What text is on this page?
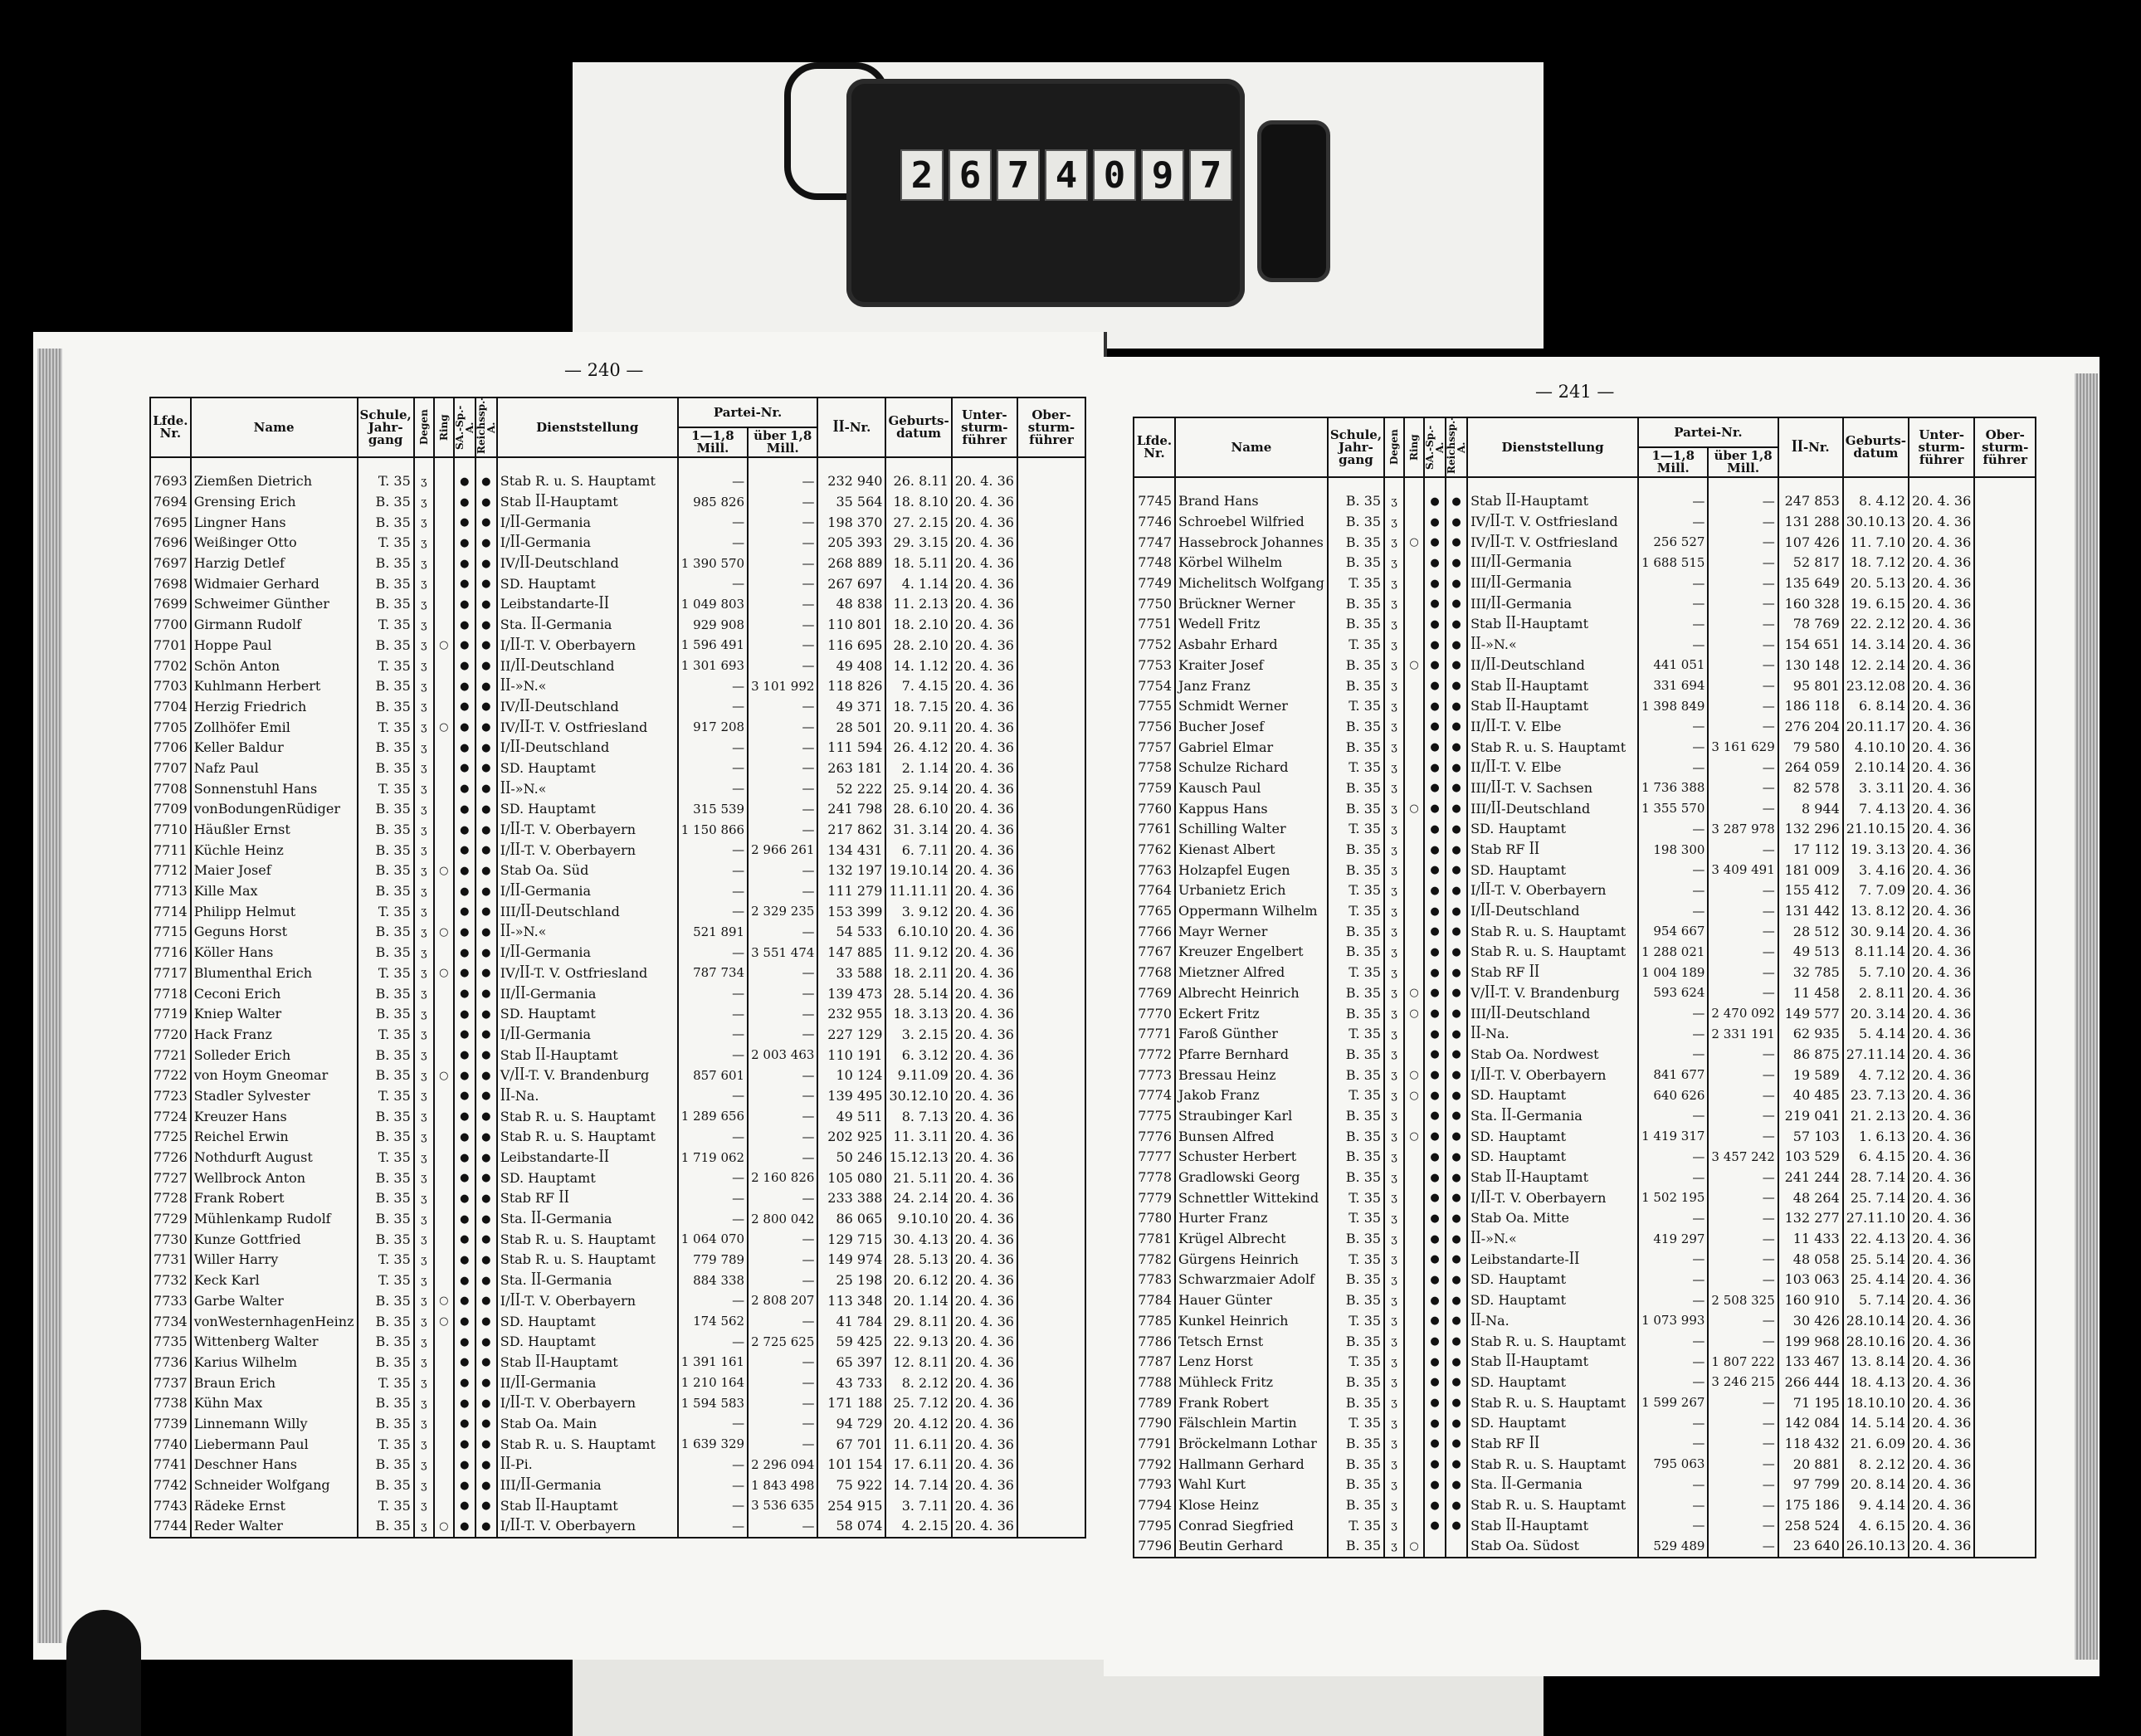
2 6 7 4 0 9 7
— 240 —
Lfde. Nr.	Name	Schule, Jahr- gang	Degen	Ring	SA.-Sp.-A.	Reichssp.-A.	Dienststellung	Partei-Nr.		ꟾꟾ-Nr.	Geburts- datum	Unter- sturm- führer	Ober- sturm- führer
								1—1,8 Mill.	über 1,8 Mill.				

7693	Ziemßen Dietrich	T. 35	ʒ		●	●	Stab R. u. S. Hauptamt	—	—	232 940	26. 8.11	20. 4. 36	
7694	Grensing Erich	B. 35	ʒ		●	●	Stab ꟾꟾ-Hauptamt	985 826	—	35 564	18. 8.10	20. 4. 36	
7695	Lingner Hans	B. 35	ʒ		●	●	I/ꟾꟾ-Germania	—	—	198 370	27. 2.15	20. 4. 36	
7696	Weißinger Otto	T. 35	ʒ		●	●	I/ꟾꟾ-Germania	—	—	205 393	29. 3.15	20. 4. 36	
7697	Harzig Detlef	B. 35	ʒ		●	●	IV/ꟾꟾ-Deutschland	1 390 570	—	268 889	18. 5.11	20. 4. 36	
7698	Widmaier Gerhard	B. 35	ʒ		●	●	SD. Hauptamt	—	—	267 697	4. 1.14	20. 4. 36	
7699	Schweimer Günther	B. 35	ʒ		●	●	Leibstandarte-ꟾꟾ	1 049 803	—	48 838	11. 2.13	20. 4. 36	
7700	Girmann Rudolf	T. 35	ʒ		●	●	Sta. ꟾꟾ-Germania	929 908	—	110 801	18. 2.10	20. 4. 36	
7701	Hoppe Paul	B. 35	ʒ	○	●	●	I/ꟾꟾ-T. V. Oberbayern	1 596 491	—	116 695	28. 2.10	20. 4. 36	
7702	Schön Anton	T. 35	ʒ		●	●	II/ꟾꟾ-Deutschland	1 301 693	—	49 408	14. 1.12	20. 4. 36	
7703	Kuhlmann Herbert	B. 35	ʒ		●	●	ꟾꟾ-»N.«	—	3 101 992	118 826	7. 4.15	20. 4. 36	
7704	Herzig Friedrich	B. 35	ʒ		●	●	IV/ꟾꟾ-Deutschland	—	—	49 371	18. 7.15	20. 4. 36	
7705	Zollhöfer Emil	T. 35	ʒ	○	●	●	IV/ꟾꟾ-T. V. Ostfriesland	917 208	—	28 501	20. 9.11	20. 4. 36	
7706	Keller Baldur	B. 35	ʒ		●	●	I/ꟾꟾ-Deutschland	—	—	111 594	26. 4.12	20. 4. 36	
7707	Nafz Paul	B. 35	ʒ		●	●	SD. Hauptamt	—	—	263 181	2. 1.14	20. 4. 36	
7708	Sonnenstuhl Hans	T. 35	ʒ		●	●	ꟾꟾ-»N.«	—	—	52 222	25. 9.14	20. 4. 36	
7709	vonBodungenRüdiger	B. 35	ʒ		●	●	SD. Hauptamt	315 539	—	241 798	28. 6.10	20. 4. 36	
7710	Häußler Ernst	B. 35	ʒ		●	●	I/ꟾꟾ-T. V. Oberbayern	1 150 866	—	217 862	31. 3.14	20. 4. 36	
7711	Küchle Heinz	B. 35	ʒ		●	●	I/ꟾꟾ-T. V. Oberbayern	—	2 966 261	134 431	6. 7.11	20. 4. 36	
7712	Maier Josef	B. 35	ʒ	○	●	●	Stab Oa. Süd	—	—	132 197	19.10.14	20. 4. 36	
7713	Kille Max	B. 35	ʒ		●	●	I/ꟾꟾ-Germania	—	—	111 279	11.11.11	20. 4. 36	
7714	Philipp Helmut	T. 35	ʒ		●	●	III/ꟾꟾ-Deutschland	—	2 329 235	153 399	3. 9.12	20. 4. 36	
7715	Geguns Horst	B. 35	ʒ	○	●	●	ꟾꟾ-»N.«	521 891	—	54 533	6.10.10	20. 4. 36	
7716	Köller Hans	B. 35	ʒ		●	●	I/ꟾꟾ-Germania	—	3 551 474	147 885	11. 9.12	20. 4. 36	
7717	Blumenthal Erich	T. 35	ʒ	○	●	●	IV/ꟾꟾ-T. V. Ostfriesland	787 734	—	33 588	18. 2.11	20. 4. 36	
7718	Ceconi Erich	B. 35	ʒ		●	●	II/ꟾꟾ-Germania	—	—	139 473	28. 5.14	20. 4. 36	
7719	Kniep Walter	B. 35	ʒ		●	●	SD. Hauptamt	—	—	232 955	18. 3.13	20. 4. 36	
7720	Hack Franz	T. 35	ʒ		●	●	I/ꟾꟾ-Germania	—	—	227 129	3. 2.15	20. 4. 36	
7721	Solleder Erich	B. 35	ʒ		●	●	Stab ꟾꟾ-Hauptamt	—	2 003 463	110 191	6. 3.12	20. 4. 36	
7722	von Hoym Gneomar	B. 35	ʒ	○	●	●	V/ꟾꟾ-T. V. Brandenburg	857 601	—	10 124	9.11.09	20. 4. 36	
7723	Stadler Sylvester	T. 35	ʒ		●	●	ꟾꟾ-Na.	—	—	139 495	30.12.10	20. 4. 36	
7724	Kreuzer Hans	B. 35	ʒ		●	●	Stab R. u. S. Hauptamt	1 289 656	—	49 511	8. 7.13	20. 4. 36	
7725	Reichel Erwin	B. 35	ʒ		●	●	Stab R. u. S. Hauptamt	—	—	202 925	11. 3.11	20. 4. 36	
7726	Nothdurft August	T. 35	ʒ		●	●	Leibstandarte-ꟾꟾ	1 719 062	—	50 246	15.12.13	20. 4. 36	
7727	Wellbrock Anton	B. 35	ʒ		●	●	SD. Hauptamt	—	2 160 826	105 080	21. 5.11	20. 4. 36	
7728	Frank Robert	B. 35	ʒ		●	●	Stab RF ꟾꟾ	—	—	233 388	24. 2.14	20. 4. 36	
7729	Mühlenkamp Rudolf	B. 35	ʒ		●	●	Sta. ꟾꟾ-Germania	—	2 800 042	86 065	9.10.10	20. 4. 36	
7730	Kunze Gottfried	B. 35	ʒ		●	●	Stab R. u. S. Hauptamt	1 064 070	—	129 715	30. 4.13	20. 4. 36	
7731	Willer Harry	T. 35	ʒ		●	●	Stab R. u. S. Hauptamt	779 789	—	149 974	28. 5.13	20. 4. 36	
7732	Keck Karl	T. 35	ʒ		●	●	Sta. ꟾꟾ-Germania	884 338	—	25 198	20. 6.12	20. 4. 36	
7733	Garbe Walter	B. 35	ʒ	○	●	●	I/ꟾꟾ-T. V. Oberbayern	—	2 808 207	113 348	20. 1.14	20. 4. 36	
7734	vonWesternhagenHeinz	B. 35	ʒ	○	●	●	SD. Hauptamt	174 562	—	41 784	29. 8.11	20. 4. 36	
7735	Wittenberg Walter	B. 35	ʒ		●	●	SD. Hauptamt	—	2 725 625	59 425	22. 9.13	20. 4. 36	
7736	Karius Wilhelm	B. 35	ʒ		●	●	Stab ꟾꟾ-Hauptamt	1 391 161	—	65 397	12. 8.11	20. 4. 36	
7737	Braun Erich	T. 35	ʒ		●	●	II/ꟾꟾ-Germania	1 210 164	—	43 733	8. 2.12	20. 4. 36	
7738	Kühn Max	B. 35	ʒ		●	●	I/ꟾꟾ-T. V. Oberbayern	1 594 583	—	171 188	25. 7.12	20. 4. 36	
7739	Linnemann Willy	B. 35	ʒ		●	●	Stab Oa. Main	—	—	94 729	20. 4.12	20. 4. 36	
7740	Liebermann Paul	T. 35	ʒ		●	●	Stab R. u. S. Hauptamt	1 639 329	—	67 701	11. 6.11	20. 4. 36	
7741	Deschner Hans	B. 35	ʒ		●	●	ꟾꟾ-Pi.	—	2 296 094	101 154	17. 6.11	20. 4. 36	
7742	Schneider Wolfgang	B. 35	ʒ		●	●	III/ꟾꟾ-Germania	—	1 843 498	75 922	14. 7.14	20. 4. 36	
7743	Rädeke Ernst	T. 35	ʒ		●	●	Stab ꟾꟾ-Hauptamt	—	3 536 635	254 915	3. 7.11	20. 4. 36	
7744	Reder Walter	B. 35	ʒ	○	●	●	I/ꟾꟾ-T. V. Oberbayern	—	—	58 074	4. 2.15	20. 4. 36	

— 241 —
Lfde. Nr.	Name	Schule, Jahr- gang	Degen	Ring	SA.-Sp.-A.	Reichssp.-A.	Dienststellung	Partei-Nr.		ꟾꟾ-Nr.	Geburts- datum	Unter- sturm- führer	Ober- sturm- führer
								1—1,8 Mill.	über 1,8 Mill.				

7745	Brand Hans	B. 35	ʒ		●	●	Stab ꟾꟾ-Hauptamt	—	—	247 853	8. 4.12	20. 4. 36	
7746	Schroebel Wilfried	B. 35	ʒ		●	●	IV/ꟾꟾ-T. V. Ostfriesland	—	—	131 288	30.10.13	20. 4. 36	
7747	Hassebrock Johannes	B. 35	ʒ	○	●	●	IV/ꟾꟾ-T. V. Ostfriesland	256 527	—	107 426	11. 7.10	20. 4. 36	
7748	Körbel Wilhelm	B. 35	ʒ		●	●	III/ꟾꟾ-Germania	1 688 515	—	52 817	18. 7.12	20. 4. 36	
7749	Michelitsch Wolfgang	T. 35	ʒ		●	●	III/ꟾꟾ-Germania	—	—	135 649	20. 5.13	20. 4. 36	
7750	Brückner Werner	B. 35	ʒ		●	●	III/ꟾꟾ-Germania	—	—	160 328	19. 6.15	20. 4. 36	
7751	Wedell Fritz	B. 35	ʒ		●	●	Stab ꟾꟾ-Hauptamt	—	—	78 769	22. 2.12	20. 4. 36	
7752	Asbahr Erhard	T. 35	ʒ		●	●	ꟾꟾ-»N.«	—	—	154 651	14. 3.14	20. 4. 36	
7753	Kraiter Josef	B. 35	ʒ	○	●	●	II/ꟾꟾ-Deutschland	441 051	—	130 148	12. 2.14	20. 4. 36	
7754	Janz Franz	B. 35	ʒ		●	●	Stab ꟾꟾ-Hauptamt	331 694	—	95 801	23.12.08	20. 4. 36	
7755	Schmidt Werner	T. 35	ʒ		●	●	Stab ꟾꟾ-Hauptamt	1 398 849	—	186 118	6. 8.14	20. 4. 36	
7756	Bucher Josef	B. 35	ʒ		●	●	II/ꟾꟾ-T. V. Elbe	—	—	276 204	20.11.17	20. 4. 36	
7757	Gabriel Elmar	B. 35	ʒ		●	●	Stab R. u. S. Hauptamt	—	3 161 629	79 580	4.10.10	20. 4. 36	
7758	Schulze Richard	T. 35	ʒ		●	●	II/ꟾꟾ-T. V. Elbe	—	—	264 059	2.10.14	20. 4. 36	
7759	Kausch Paul	B. 35	ʒ		●	●	III/ꟾꟾ-T. V. Sachsen	1 736 388	—	82 578	3. 3.11	20. 4. 36	
7760	Kappus Hans	B. 35	ʒ	○	●	●	III/ꟾꟾ-Deutschland	1 355 570	—	8 944	7. 4.13	20. 4. 36	
7761	Schilling Walter	T. 35	ʒ		●	●	SD. Hauptamt	—	3 287 978	132 296	21.10.15	20. 4. 36	
7762	Kienast Albert	B. 35	ʒ		●	●	Stab RF ꟾꟾ	198 300	—	17 112	19. 3.13	20. 4. 36	
7763	Holzapfel Eugen	B. 35	ʒ		●	●	SD. Hauptamt	—	3 409 491	181 009	3. 4.16	20. 4. 36	
7764	Urbanietz Erich	T. 35	ʒ		●	●	I/ꟾꟾ-T. V. Oberbayern	—	—	155 412	7. 7.09	20. 4. 36	
7765	Oppermann Wilhelm	T. 35	ʒ		●	●	I/ꟾꟾ-Deutschland	—	—	131 442	13. 8.12	20. 4. 36	
7766	Mayr Werner	B. 35	ʒ		●	●	Stab R. u. S. Hauptamt	954 667	—	28 512	30. 9.14	20. 4. 36	
7767	Kreuzer Engelbert	B. 35	ʒ		●	●	Stab R. u. S. Hauptamt	1 288 021	—	49 513	8.11.14	20. 4. 36	
7768	Mietzner Alfred	T. 35	ʒ		●	●	Stab RF ꟾꟾ	1 004 189	—	32 785	5. 7.10	20. 4. 36	
7769	Albrecht Heinrich	B. 35	ʒ	○	●	●	V/ꟾꟾ-T. V. Brandenburg	593 624	—	11 458	2. 8.11	20. 4. 36	
7770	Eckert Fritz	B. 35	ʒ	○	●	●	III/ꟾꟾ-Deutschland	—	2 470 092	149 577	20. 3.14	20. 4. 36	
7771	Faroß Günther	T. 35	ʒ		●	●	ꟾꟾ-Na.	—	2 331 191	62 935	5. 4.14	20. 4. 36	
7772	Pfarre Bernhard	B. 35	ʒ		●	●	Stab Oa. Nordwest	—	—	86 875	27.11.14	20. 4. 36	
7773	Bressau Heinz	B. 35	ʒ	○	●	●	I/ꟾꟾ-T. V. Oberbayern	841 677	—	19 589	4. 7.12	20. 4. 36	
7774	Jakob Franz	T. 35	ʒ	○	●	●	SD. Hauptamt	640 626	—	40 485	23. 7.13	20. 4. 36	
7775	Straubinger Karl	B. 35	ʒ		●	●	Sta. ꟾꟾ-Germania	—	—	219 041	21. 2.13	20. 4. 36	
7776	Bunsen Alfred	B. 35	ʒ	○	●	●	SD. Hauptamt	1 419 317	—	57 103	1. 6.13	20. 4. 36	
7777	Schuster Herbert	B. 35	ʒ		●	●	SD. Hauptamt	—	3 457 242	103 529	6. 4.15	20. 4. 36	
7778	Gradlowski Georg	B. 35	ʒ		●	●	Stab ꟾꟾ-Hauptamt	—	—	241 244	28. 7.14	20. 4. 36	
7779	Schnettler Wittekind	T. 35	ʒ		●	●	I/ꟾꟾ-T. V. Oberbayern	1 502 195	—	48 264	25. 7.14	20. 4. 36	
7780	Hurter Franz	T. 35	ʒ		●	●	Stab Oa. Mitte	—	—	132 277	27.11.10	20. 4. 36	
7781	Krügel Albrecht	B. 35	ʒ		●	●	ꟾꟾ-»N.«	419 297	—	11 433	22. 4.13	20. 4. 36	
7782	Gürgens Heinrich	T. 35	ʒ		●	●	Leibstandarte-ꟾꟾ	—	—	48 058	25. 5.14	20. 4. 36	
7783	Schwarzmaier Adolf	B. 35	ʒ		●	●	SD. Hauptamt	—	—	103 063	25. 4.14	20. 4. 36	
7784	Hauer Günter	B. 35	ʒ		●	●	SD. Hauptamt	—	2 508 325	160 910	5. 7.14	20. 4. 36	
7785	Kunkel Heinrich	T. 35	ʒ		●	●	ꟾꟾ-Na.	1 073 993	—	30 426	28.10.14	20. 4. 36	
7786	Tetsch Ernst	B. 35	ʒ		●	●	Stab R. u. S. Hauptamt	—	—	199 968	28.10.16	20. 4. 36	
7787	Lenz Horst	T. 35	ʒ		●	●	Stab ꟾꟾ-Hauptamt	—	1 807 222	133 467	13. 8.14	20. 4. 36	
7788	Mühleck Fritz	B. 35	ʒ		●	●	SD. Hauptamt	—	3 246 215	266 444	18. 4.13	20. 4. 36	
7789	Frank Robert	B. 35	ʒ		●	●	Stab R. u. S. Hauptamt	1 599 267	—	71 195	18.10.10	20. 4. 36	
7790	Fälschlein Martin	T. 35	ʒ		●	●	SD. Hauptamt	—	—	142 084	14. 5.14	20. 4. 36	
7791	Bröckelmann Lothar	B. 35	ʒ		●	●	Stab RF ꟾꟾ	—	—	118 432	21. 6.09	20. 4. 36	
7792	Hallmann Gerhard	B. 35	ʒ		●	●	Stab R. u. S. Hauptamt	795 063	—	20 881	8. 2.12	20. 4. 36	
7793	Wahl Kurt	B. 35	ʒ		●	●	Sta. ꟾꟾ-Germania	—	—	97 799	20. 8.14	20. 4. 36	
7794	Klose Heinz	B. 35	ʒ		●	●	Stab R. u. S. Hauptamt	—	—	175 186	9. 4.14	20. 4. 36	
7795	Conrad Siegfried	T. 35	ʒ		●	●	Stab ꟾꟾ-Hauptamt	—	—	258 524	4. 6.15	20. 4. 36	
7796	Beutin Gerhard	B. 35	ʒ	○			Stab Oa. Südost	529 489	—	23 640	26.10.13	20. 4. 36	
